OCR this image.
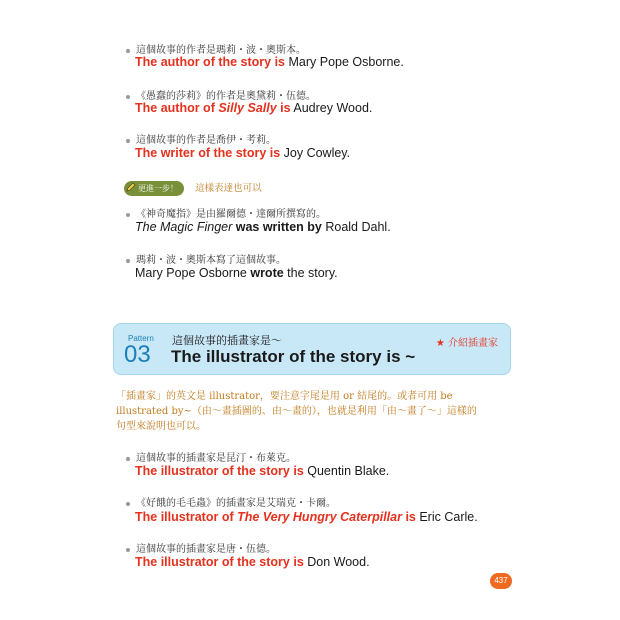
這個故事的作者是瑪莉・波・奧斯本。
The author of the story is Mary Pope Osborne.
《愚蠢的莎莉》的作者是奧黛莉・伍德。
The author of Silly Sally is Audrey Wood.
這個故事的作者是喬伊・考莉。
The writer of the story is Joy Cowley.
更進一步！ 這樣表達也可以
《神奇魔指》是由羅爾德・達爾所撰寫的。
The Magic Finger was written by Roald Dahl.
瑪莉・波・奧斯本寫了這個故事。
Mary Pope Osborne wrote the story.
Pattern
03
這個故事的插畫家是～
The illustrator of the story is ~
★ 介紹插畫家
「插畫家」的英文是 illustrator，要注意字尾是用 or 結尾的。或者可用 be
illustrated by~（由～畫插圖的、由～畫的），也就是利用「由～畫了～」這樣的
句型來說明也可以。
這個故事的插畫家是昆汀・布萊克。
The illustrator of the story is Quentin Blake.
《好餓的毛毛蟲》的插畫家是艾瑞克・卡爾。
The illustrator of The Very Hungry Caterpillar is Eric Carle.
這個故事的插畫家是唐・伍德。
The illustrator of the story is Don Wood.
437
